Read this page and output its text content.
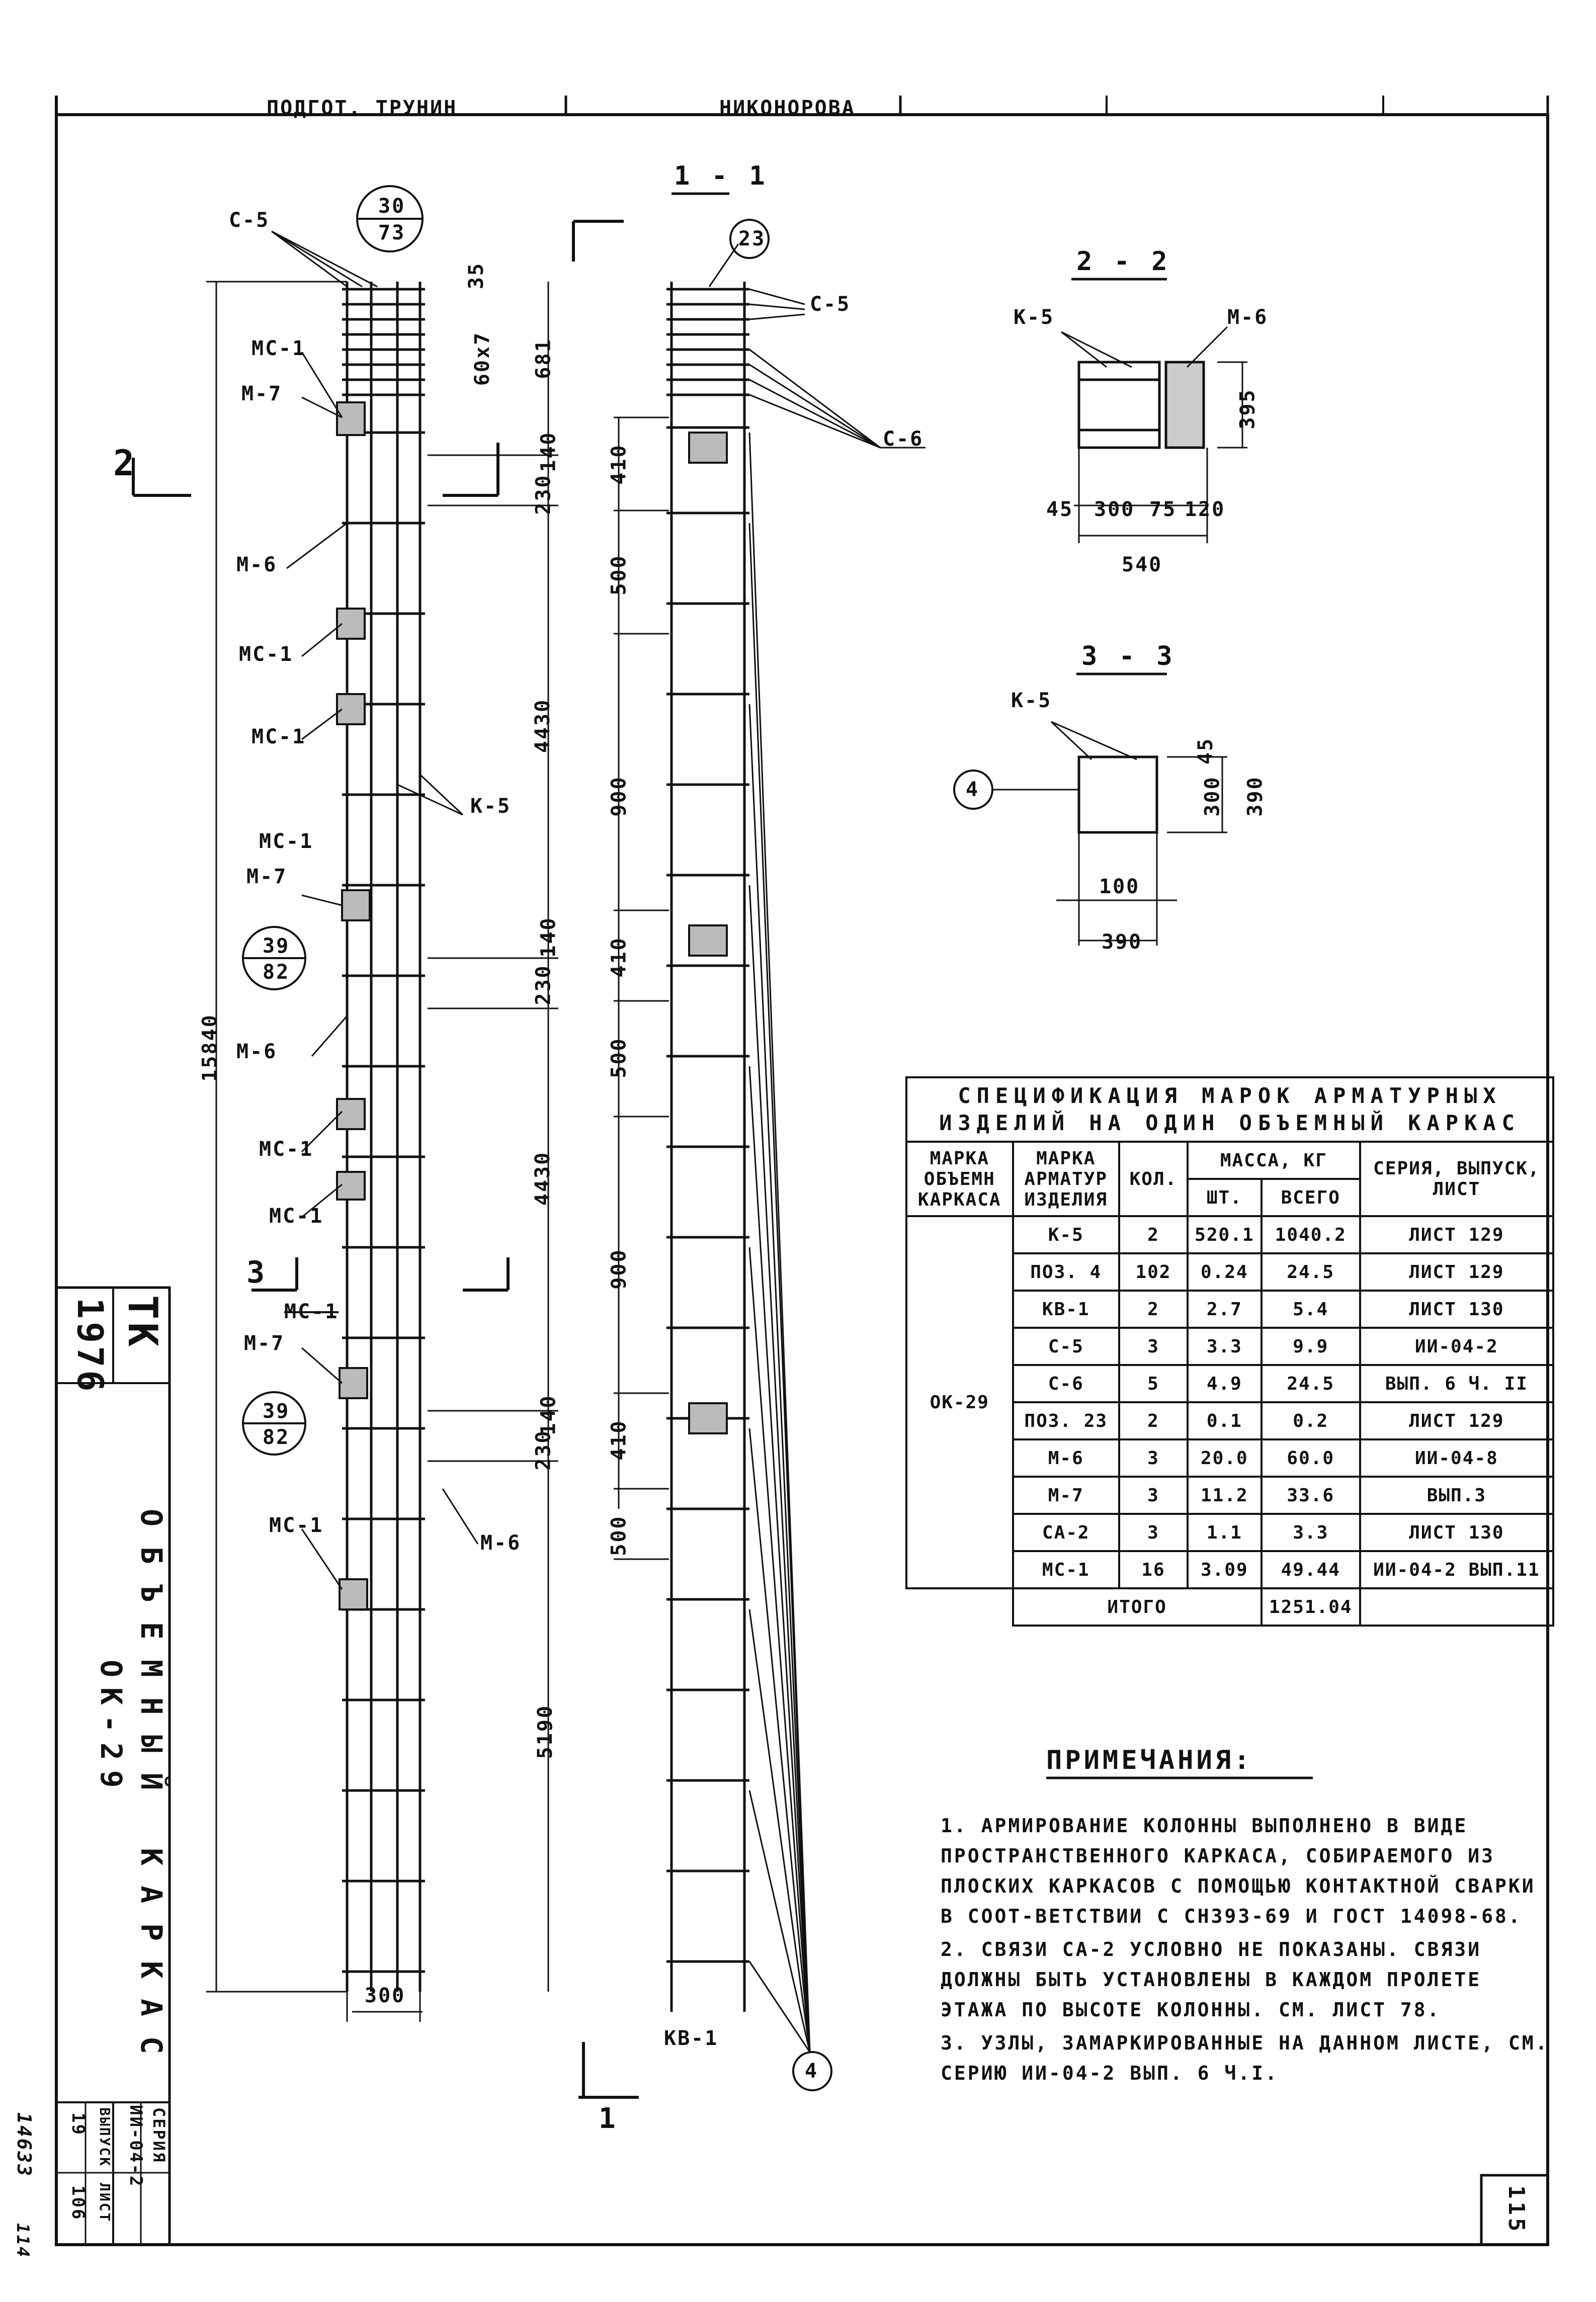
ПОДГОТ. ТРУНИН	НИКОНОРОВА
1 - 1
2 - 2
3 - 3
2
3
1
30
73
39
82
39
82
23
4
4
С-5
МС-1
М-7
М-6
МС-1
МС-1
К-5
МС-1
М-7
М-6
МС-1
МС-1
МС-1
М-7
МС-1
М-6
С-5
С-6
КВ-1
35
60х7 681
140
230
4430
140
230
4430
140
230
5190
15840
300
410
500
900
410
500
900
410
500
К-5	М-6
395
45 300 75 120
540
К-5
45
300 390
100
390
СПЕЦИФИКАЦИЯ МАРОК АРМАТУРНЫХ ИЗДЕЛИЙ НА ОДИН ОБЪЕМНЫЙ КАРКАС					
МАРКА ОБЪЕМН КАРКАСА	МАРКА АРМАТУР ИЗДЕЛИЯ	КОЛ.	МАССА, КГ		СЕРИЯ, ВЫПУСК, ЛИСТ
			ШТ.	ВСЕГО	
ОК-29	К-5	2	520.1	1040.2	ЛИСТ 129
	ПОЗ. 4	102	0.24	24.5	ЛИСТ 129
	КВ-1	2	2.7	5.4	ЛИСТ 130
	С-5	3	3.3	9.9	ИИ-04-2
	С-6	5	4.9	24.5	ВЫП. 6 Ч. II
	ПОЗ. 23	2	0.1	0.2	ЛИСТ 129
	М-6	3	20.0	60.0	ИИ-04-8
	М-7	3	11.2	33.6	ВЫП.3
	СА-2	3	1.1	3.3	ЛИСТ 130
	МС-1	16	3.09	49.44	ИИ-04-2 ВЫП.11
	ИТОГО			1251.04	
ПРИМЕЧАНИЯ:

1. АРМИРОВАНИЕ КОЛОННЫ ВЫПОЛНЕНО В ВИДЕ ПРОСТРАНСТВЕННОГО КАРКАСА, СОБИРАЕМОГО ИЗ ПЛОСКИХ КАРКАСОВ С ПОМОЩЬЮ КОНТАКТНОЙ СВАРКИ В СООТ-ВЕТСТВИИ С СН393-69 И ГОСТ 14098-68.

2. СВЯЗИ СА-2 УСЛОВНО НЕ ПОКАЗАНЫ. СВЯЗИ ДОЛЖНЫ БЫТЬ УСТАНОВЛЕНЫ В КАЖДОМ ПРОЛЕТЕ ЭТАЖА ПО ВЫСОТЕ КОЛОННЫ. СМ. ЛИСТ 78.

3. УЗЛЫ, ЗАМАРКИРОВАННЫЕ НА ДАННОМ ЛИСТЕ, СМ. СЕРИЮ ИИ-04-2 ВЫП. 6 Ч.I.

ТК
1976
ОБЪЕМНЫЙ КАРКАС
ОК-29
СЕРИЯ
ИИ-04-2
ВЫПУСК
19
ЛИСТ
106
14633
114
115
